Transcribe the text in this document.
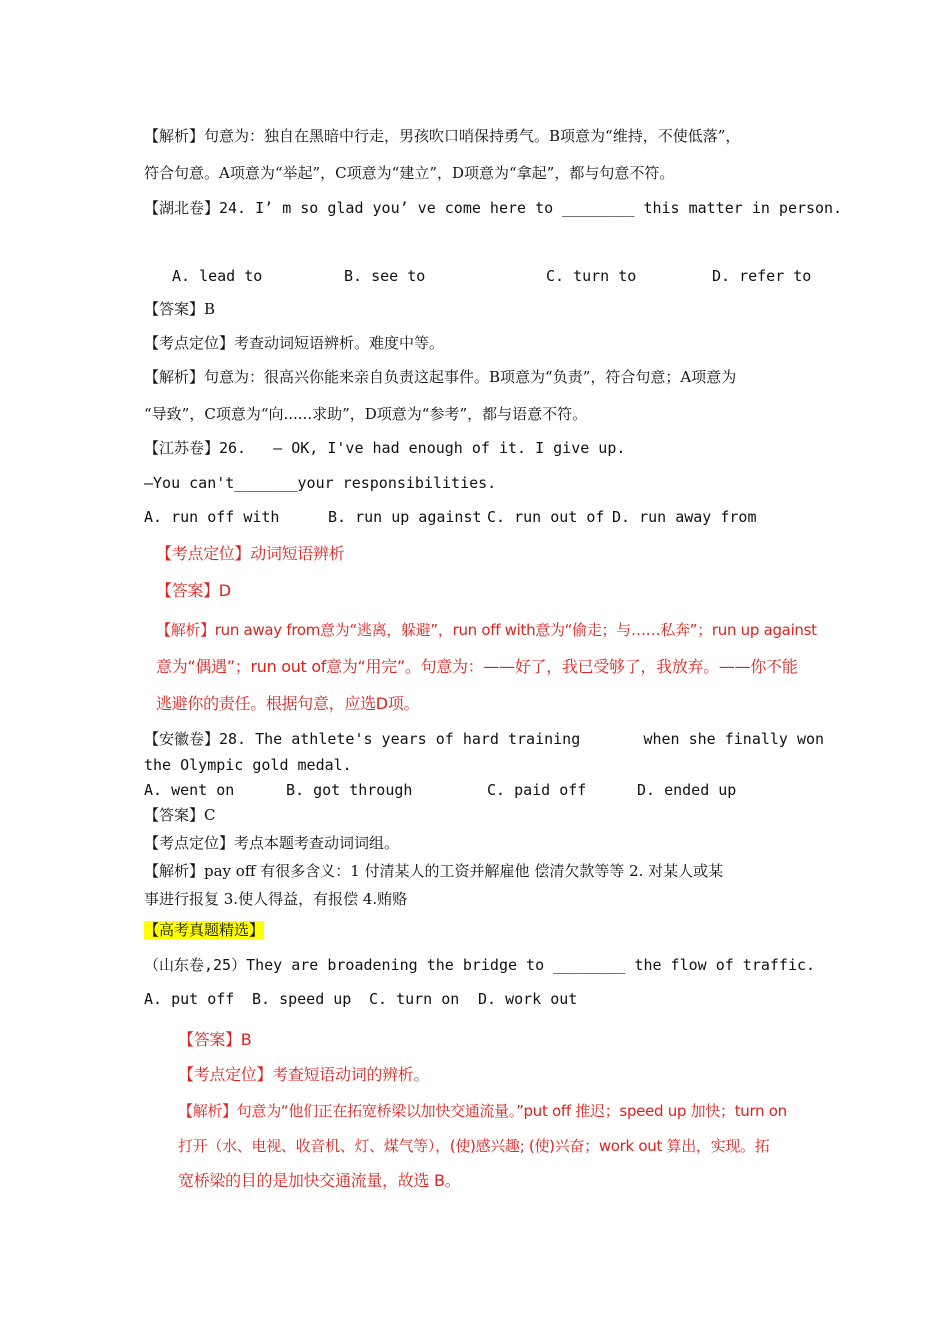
【解析】句意为：独自在黑暗中行走，男孩吹口哨保持勇气。B项意为“维持，不使低落”，
符合句意。A项意为“举起”，C项意为“建立”，D项意为“拿起”，都与句意不符。
【湖北卷】24. I’ m so glad you’ ve come here to ________ this matter in person.
A. lead to	B. see to	C. turn to	D. refer to
【答案】B
【考点定位】考查动词短语辨析。难度中等。
【解析】句意为：很高兴你能来亲自负责这起事件。B项意为“负责”，符合句意；A项意为
“导致”，C项意为“向......求助”，D项意为“参考”，都与语意不符。
【江苏卷】26.   — OK, I've had enough of it. I give up.
—You can't_______your responsibilities.
A. run off with	B. run up against C. run out of D. run away from
【考点定位】动词短语辨析
【答案】D
【解析】run away from意为“逃离，躲避”，run off with意为“偷走；与……私奔”；run up against
意为“偶遇”；run out of意为“用完”。句意为：——好了，我已受够了，我放弃。——你不能
逃避你的责任。根据句意，应选D项。
【安徽卷】28. The athlete's years of hard training       when she finally won
the Olympic gold medal.
A. went on	B. got through	C. paid off	D. ended up
【答案】C
【考点定位】考点本题考查动词词组。
【解析】pay off 有很多含义：1 付清某人的工资并解雇他 偿清欠款等等 2. 对某人或某
事进行报复 3.使人得益，有报偿 4.贿赂
【高考真题精选】
（山东卷,25）They are broadening the bridge to ________ the flow of traffic.
A. put off B. speed up C. turn on D. work out
【答案】B
【考点定位】考查短语动词的辨析。
【解析】句意为“他们正在拓宽桥梁以加快交通流量。”put off 推迟；speed up 加快；turn on
打开（水、电视、收音机、灯、煤气等），(使)感兴趣; (使)兴奋；work out 算出，实现。拓
宽桥梁的目的是加快交通流量，故选 B。
